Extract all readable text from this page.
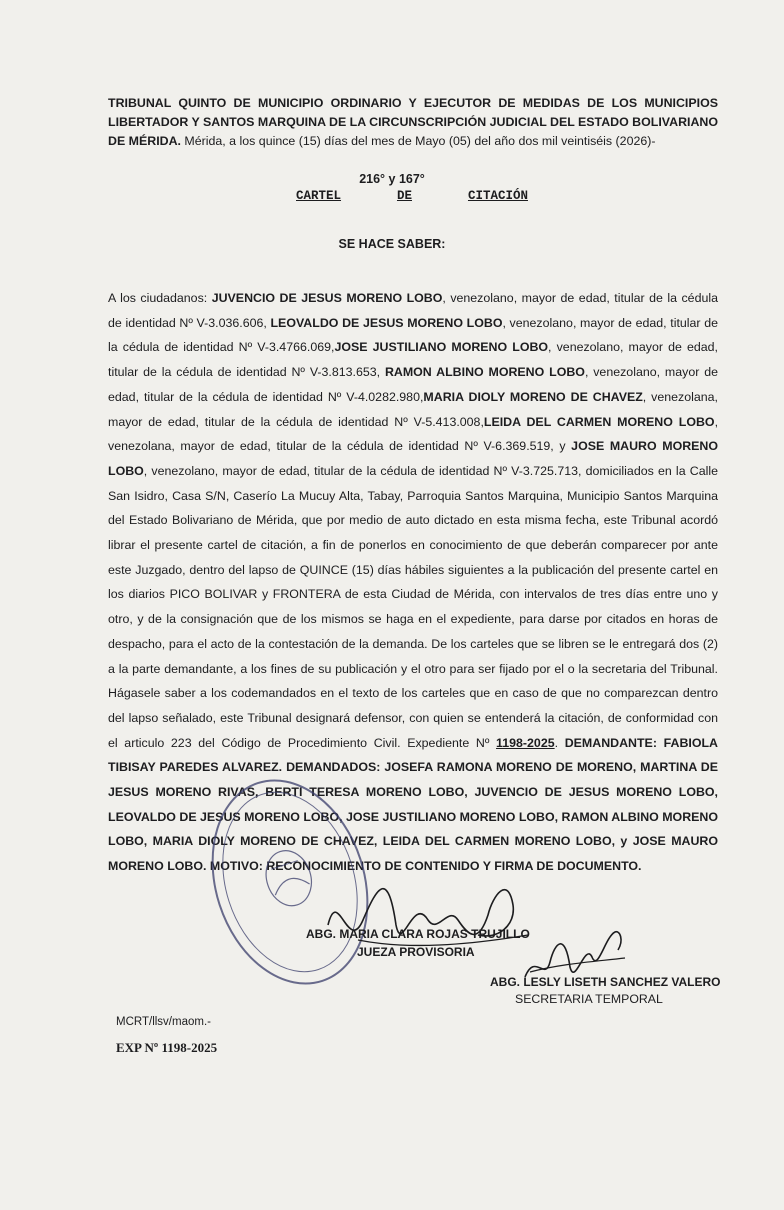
TRIBUNAL QUINTO DE MUNICIPIO ORDINARIO Y EJECUTOR DE MEDIDAS DE LOS MUNICIPIOS LIBERTADOR Y SANTOS MARQUINA DE LA CIRCUNSCRIPCIÓN JUDICIAL DEL ESTADO BOLIVARIANO DE MÉRIDA. Mérida, a los quince (15) días del mes de Mayo (05) del año dos mil veintiséis (2026)-
216° y 167°
CARTEL	DE	CITACIÓN
SE HACE SABER:
A los ciudadanos: JUVENCIO DE JESUS MORENO LOBO, venezolano, mayor de edad, titular de la cédula de identidad Nº V-3.036.606, LEOVALDO DE JESUS MORENO LOBO, venezolano, mayor de edad, titular de la cédula de identidad Nº V-3.4766.069,JOSE JUSTILIANO MORENO LOBO, venezolano, mayor de edad, titular de la cédula de identidad Nº V-3.813.653, RAMON ALBINO MORENO LOBO, venezolano, mayor de edad, titular de la cédula de identidad Nº V-4.0282.980,MARIA DIOLY MORENO DE CHAVEZ, venezolana, mayor de edad, titular de la cédula de identidad Nº V-5.413.008,LEIDA DEL CARMEN MORENO LOBO, venezolana, mayor de edad, titular de la cédula de identidad Nº V-6.369.519, y JOSE MAURO MORENO LOBO, venezolano, mayor de edad, titular de la cédula de identidad Nº V-3.725.713, domiciliados en la Calle San Isidro, Casa S/N, Caserío La Mucuy Alta, Tabay, Parroquia Santos Marquina, Municipio Santos Marquina del Estado Bolivariano de Mérida, que por medio de auto dictado en esta misma fecha, este Tribunal acordó librar el presente cartel de citación, a fin de ponerlos en conocimiento de que deberán comparecer por ante este Juzgado, dentro del lapso de QUINCE (15) días hábiles siguientes a la publicación del presente cartel en los diarios PICO BOLIVAR y FRONTERA de esta Ciudad de Mérida, con intervalos de tres días entre uno y otro, y de la consignación que de los mismos se haga en el expediente, para darse por citados en horas de despacho, para el acto de la contestación de la demanda. De los carteles que se libren se le entregará dos (2) a la parte demandante, a los fines de su publicación y el otro para ser fijado por el o la secretaria del Tribunal. Hágasele saber a los codemandados en el texto de los carteles que en caso de que no comparezcan dentro del lapso señalado, este Tribunal designará defensor, con quien se entenderá la citación, de conformidad con el articulo 223 del Código de Procedimiento Civil. Expediente Nº 1198-2025. DEMANDANTE: FABIOLA TIBISAY PAREDES ALVAREZ. DEMANDADOS: JOSEFA RAMONA MORENO DE MORENO, MARTINA DE JESUS MORENO RIVAS, BERTI TERESA MORENO LOBO, JUVENCIO DE JESUS MORENO LOBO, LEOVALDO DE JESUS MORENO LOBO, JOSE JUSTILIANO MORENO LOBO, RAMON ALBINO MORENO LOBO, MARIA DIOLY MORENO DE CHAVEZ, LEIDA DEL CARMEN MORENO LOBO, y JOSE MAURO MORENO LOBO. MOTIVO: RECONOCIMIENTO DE CONTENIDO Y FIRMA DE DOCUMENTO.
ABG. MARIA CLARA ROJAS TRUJILLO
JUEZA PROVISORIA
ABG. LESLY LISETH SANCHEZ VALERO
SECRETARIA TEMPORAL
MCRT/llsv/maom.-
EXP Nº 1198-2025
